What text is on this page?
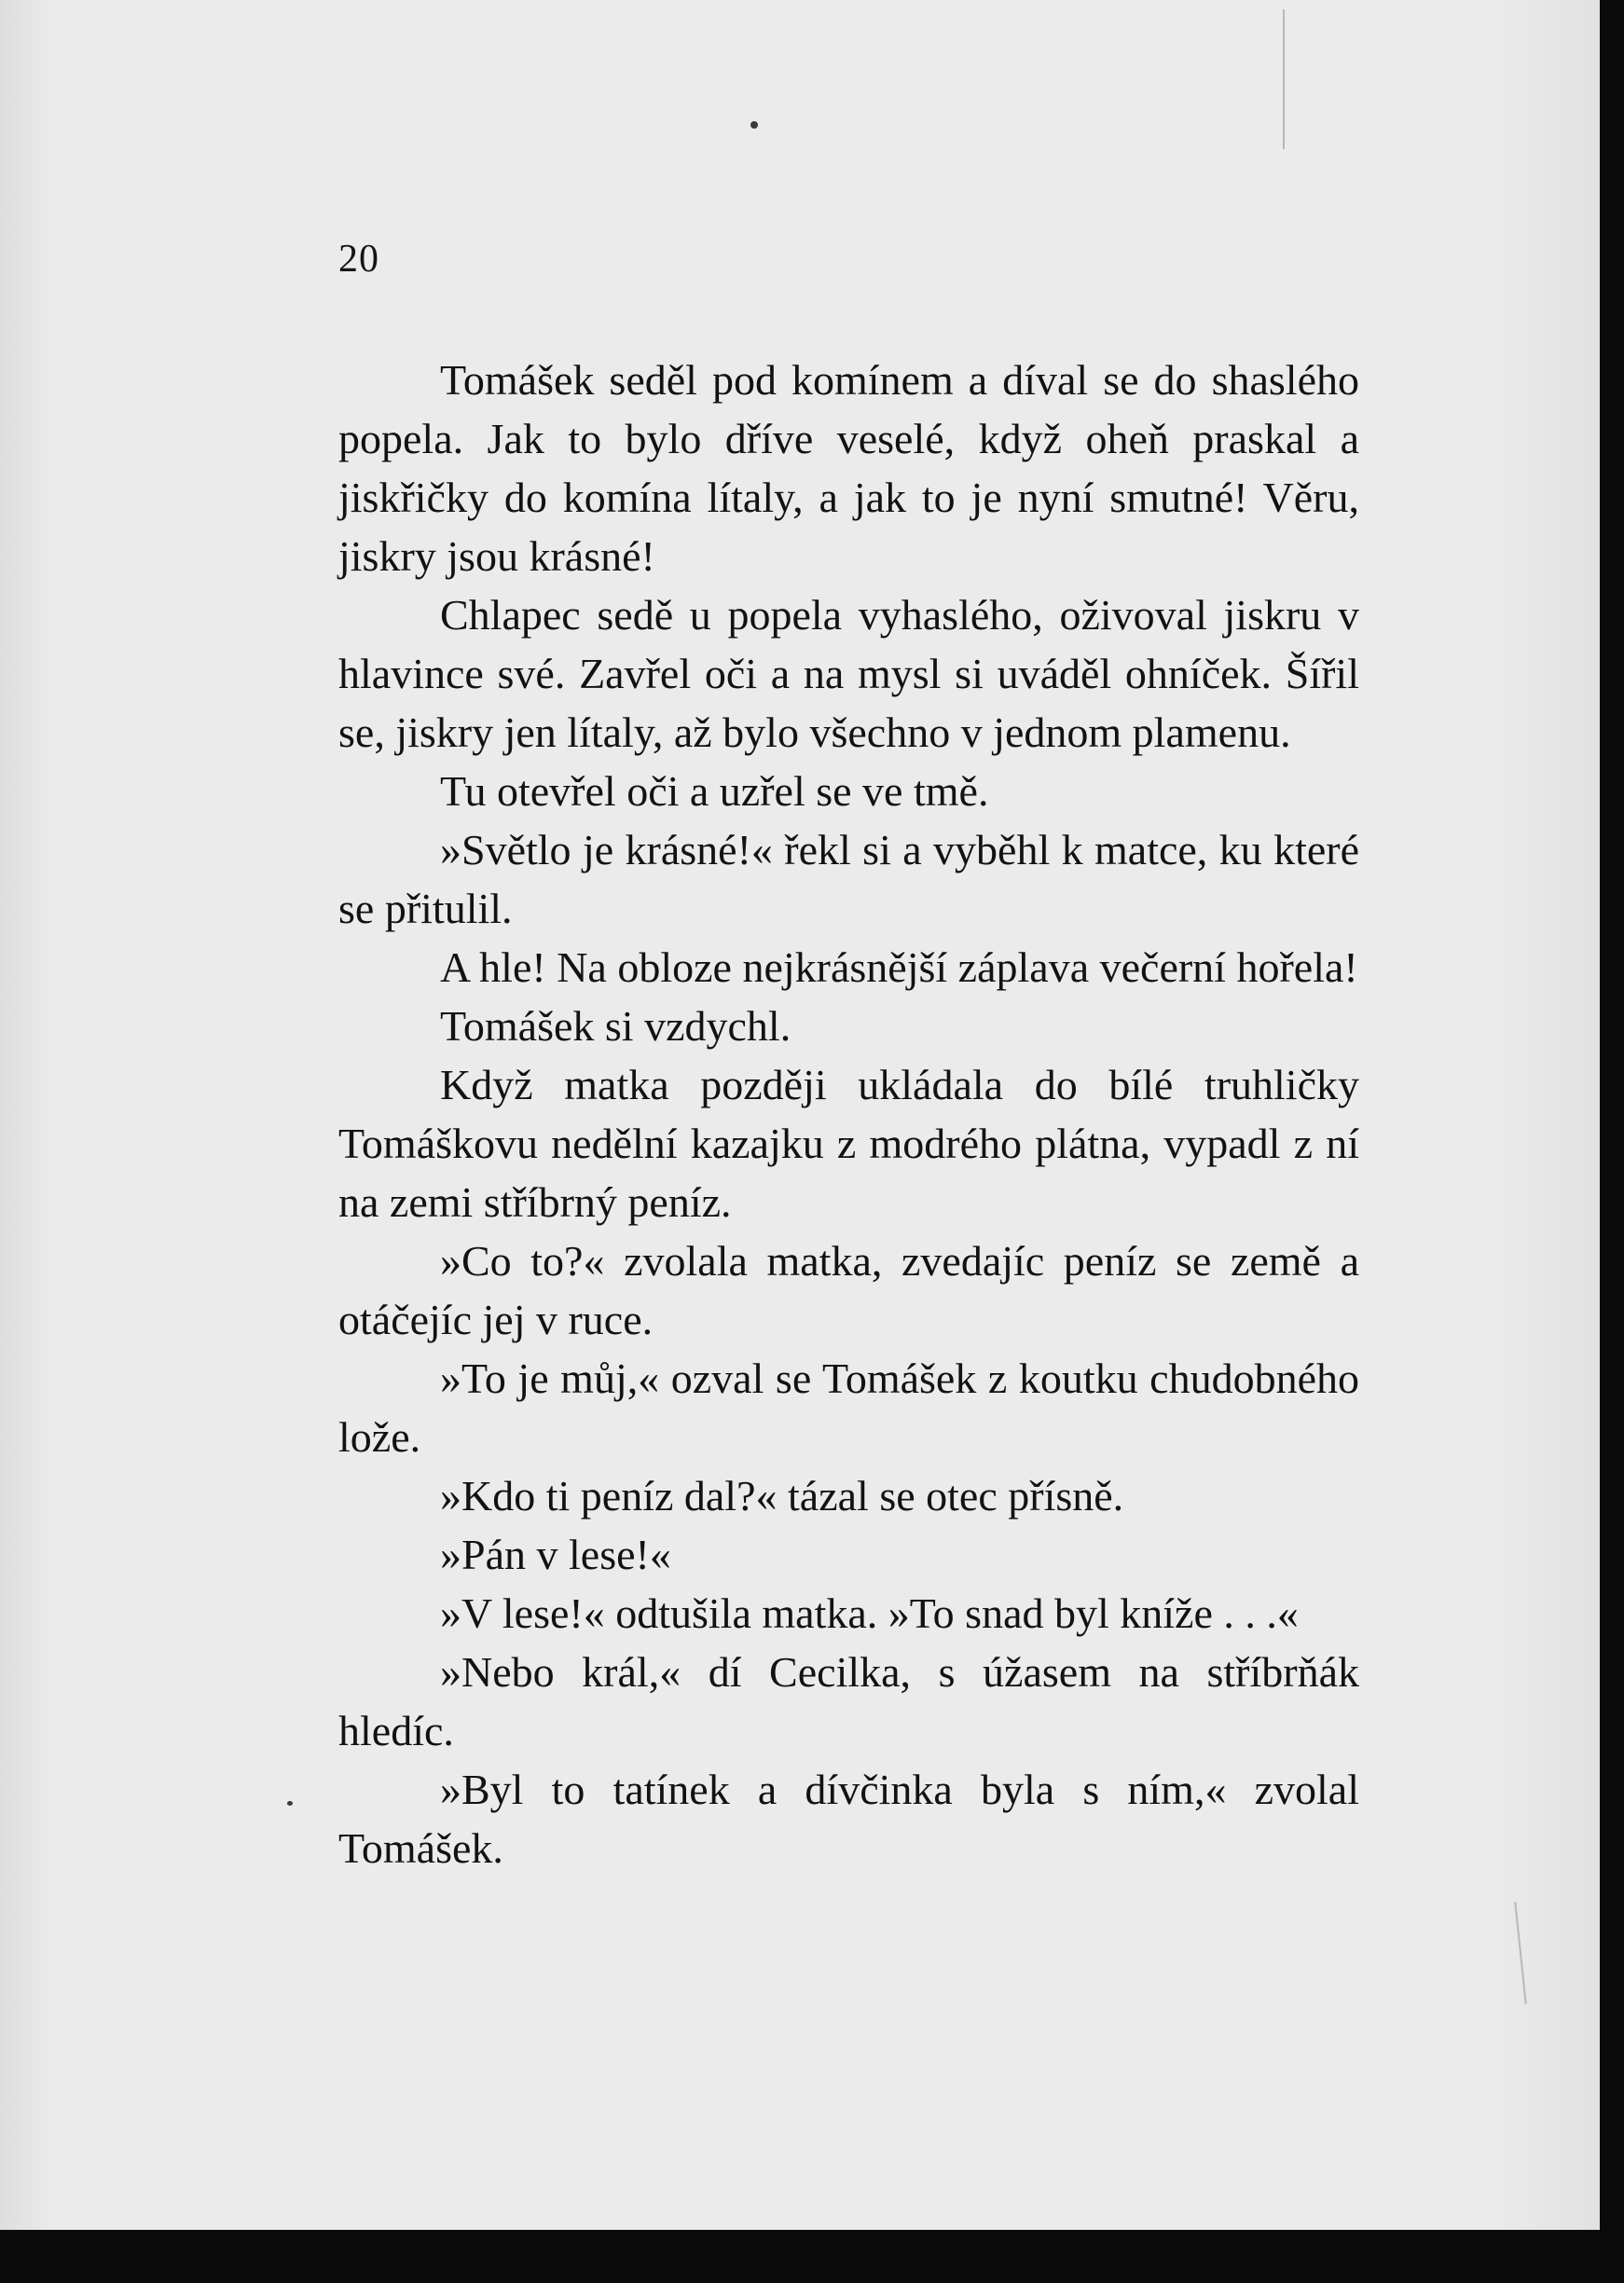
20

Tomášek seděl pod komínem a díval se do shaslého popela. Jak to bylo dříve veselé, když oheň praskal a jiskřičky do komína lítaly, a jak to je nyní smutné! Věru, jiskry jsou krásné!

Chlapec sedě u popela vyhaslého, oživoval jiskru v hlavince své. Zavřel oči a na mysl si uváděl ohníček. Šířil se, jiskry jen lítaly, až bylo všechno v jednom plamenu.

Tu otevřel oči a uzřel se ve tmě.

»Světlo je krásné!« řekl si a vyběhl k matce, ku které se přitulil.

A hle! Na obloze nejkrásnější záplava večerní hořela!

Tomášek si vzdychl.

Když matka později ukládala do bílé truhličky Tomáškovu nedělní kazajku z modrého plátna, vypadl z ní na zemi stříbrný peníz.

»Co to?« zvolala matka, zvedajíc peníz se země a otáčejíc jej v ruce.

»To je můj,« ozval se Tomášek z koutku chudobného lože.

»Kdo ti peníz dal?« tázal se otec přísně.

»Pán v lese!«

»V lese!« odtušila matka. »To snad byl kníže . . .«

»Nebo král,« dí Cecilka, s úžasem na stříbrňák hledíc.

»Byl to tatínek a dívčinka byla s ním,« zvolal Tomášek.
